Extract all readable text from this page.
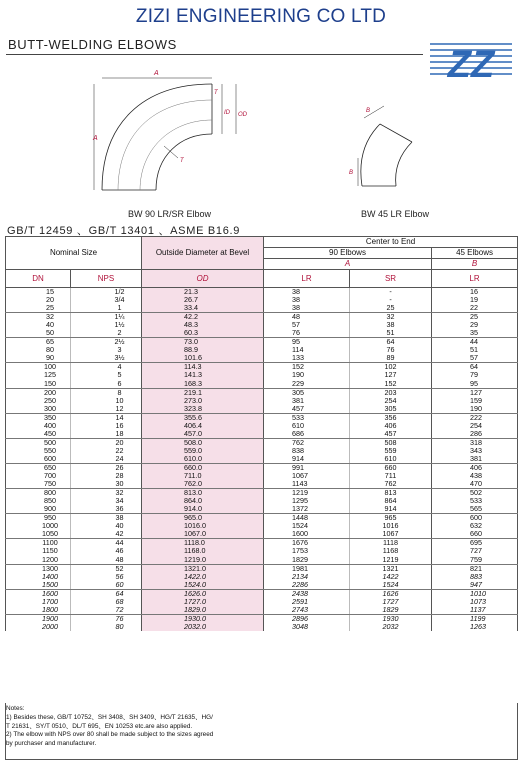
ZIZI ENGINEERING CO LTD
BUTT-WELDING ELBOWS	ZZ
A
A
T
ID OD
T
B
B
BW 90 LR/SR Elbow	BW 45 LR Elbow
GB/T 12459 、GB/T 13401 、ASME B16.9
Nominal Size		Outside Diameter at Bevel	Center to End		
			90 Elbows		45 Elbows
			A		B
DN	NPS	OD	LR	SR	LR
15	1/2	21.3	38	-	16
20	3/4	26.7	38	-	19
25	1	33.4	38	25	22
32	1¼	42.2	48	32	25
40	1½	48.3	57	38	29
50	2	60.3	76	51	35
65	2½	73.0	95	64	44
80	3	88.9	114	76	51
90	3½	101.6	133	89	57
100	4	114.3	152	102	64
125	5	141.3	190	127	79
150	6	168.3	229	152	95
200	8	219.1	305	203	127
250	10	273.0	381	254	159
300	12	323.8	457	305	190
350	14	355.6	533	356	222
400	16	406.4	610	406	254
450	18	457.0	686	457	286
500	20	508.0	762	508	318
550	22	559.0	838	559	343
600	24	610.0	914	610	381
650	26	660.0	991	660	406
700	28	711.0	1067	711	438
750	30	762.0	1143	762	470
800	32	813.0	1219	813	502
850	34	864.0	1295	864	533
900	36	914.0	1372	914	565
950	38	965.0	1448	965	600
1000	40	1016.0	1524	1016	632
1050	42	1067.0	1600	1067	660
1100	44	1118.0	1676	1118	695
1150	46	1168.0	1753	1168	727
1200	48	1219.0	1829	1219	759
1300	52	1321.0	1981	1321	821
1400	56	1422.0	2134	1422	883
1500	60	1524.0	2286	1524	947
1600	64	1626.0	2438	1626	1010
1700	68	1727.0	2591	1727	1073
1800	72	1829.0	2743	1829	1137
1900	76	1930.0	2896	1930	1199
2000	80	2032.0	3048	2032	1263
Notes:
1) Besides these, GB/T 10752、SH 3408、SH 3409、HG/T 21635、HG/
T 21631、SY/T 0510、DL/T 695、EN 10253 etc.are also applied.
2) The elbow with NPS over 80 shall be made subject to the sizes agreed
by purchaser and manufacturer.
